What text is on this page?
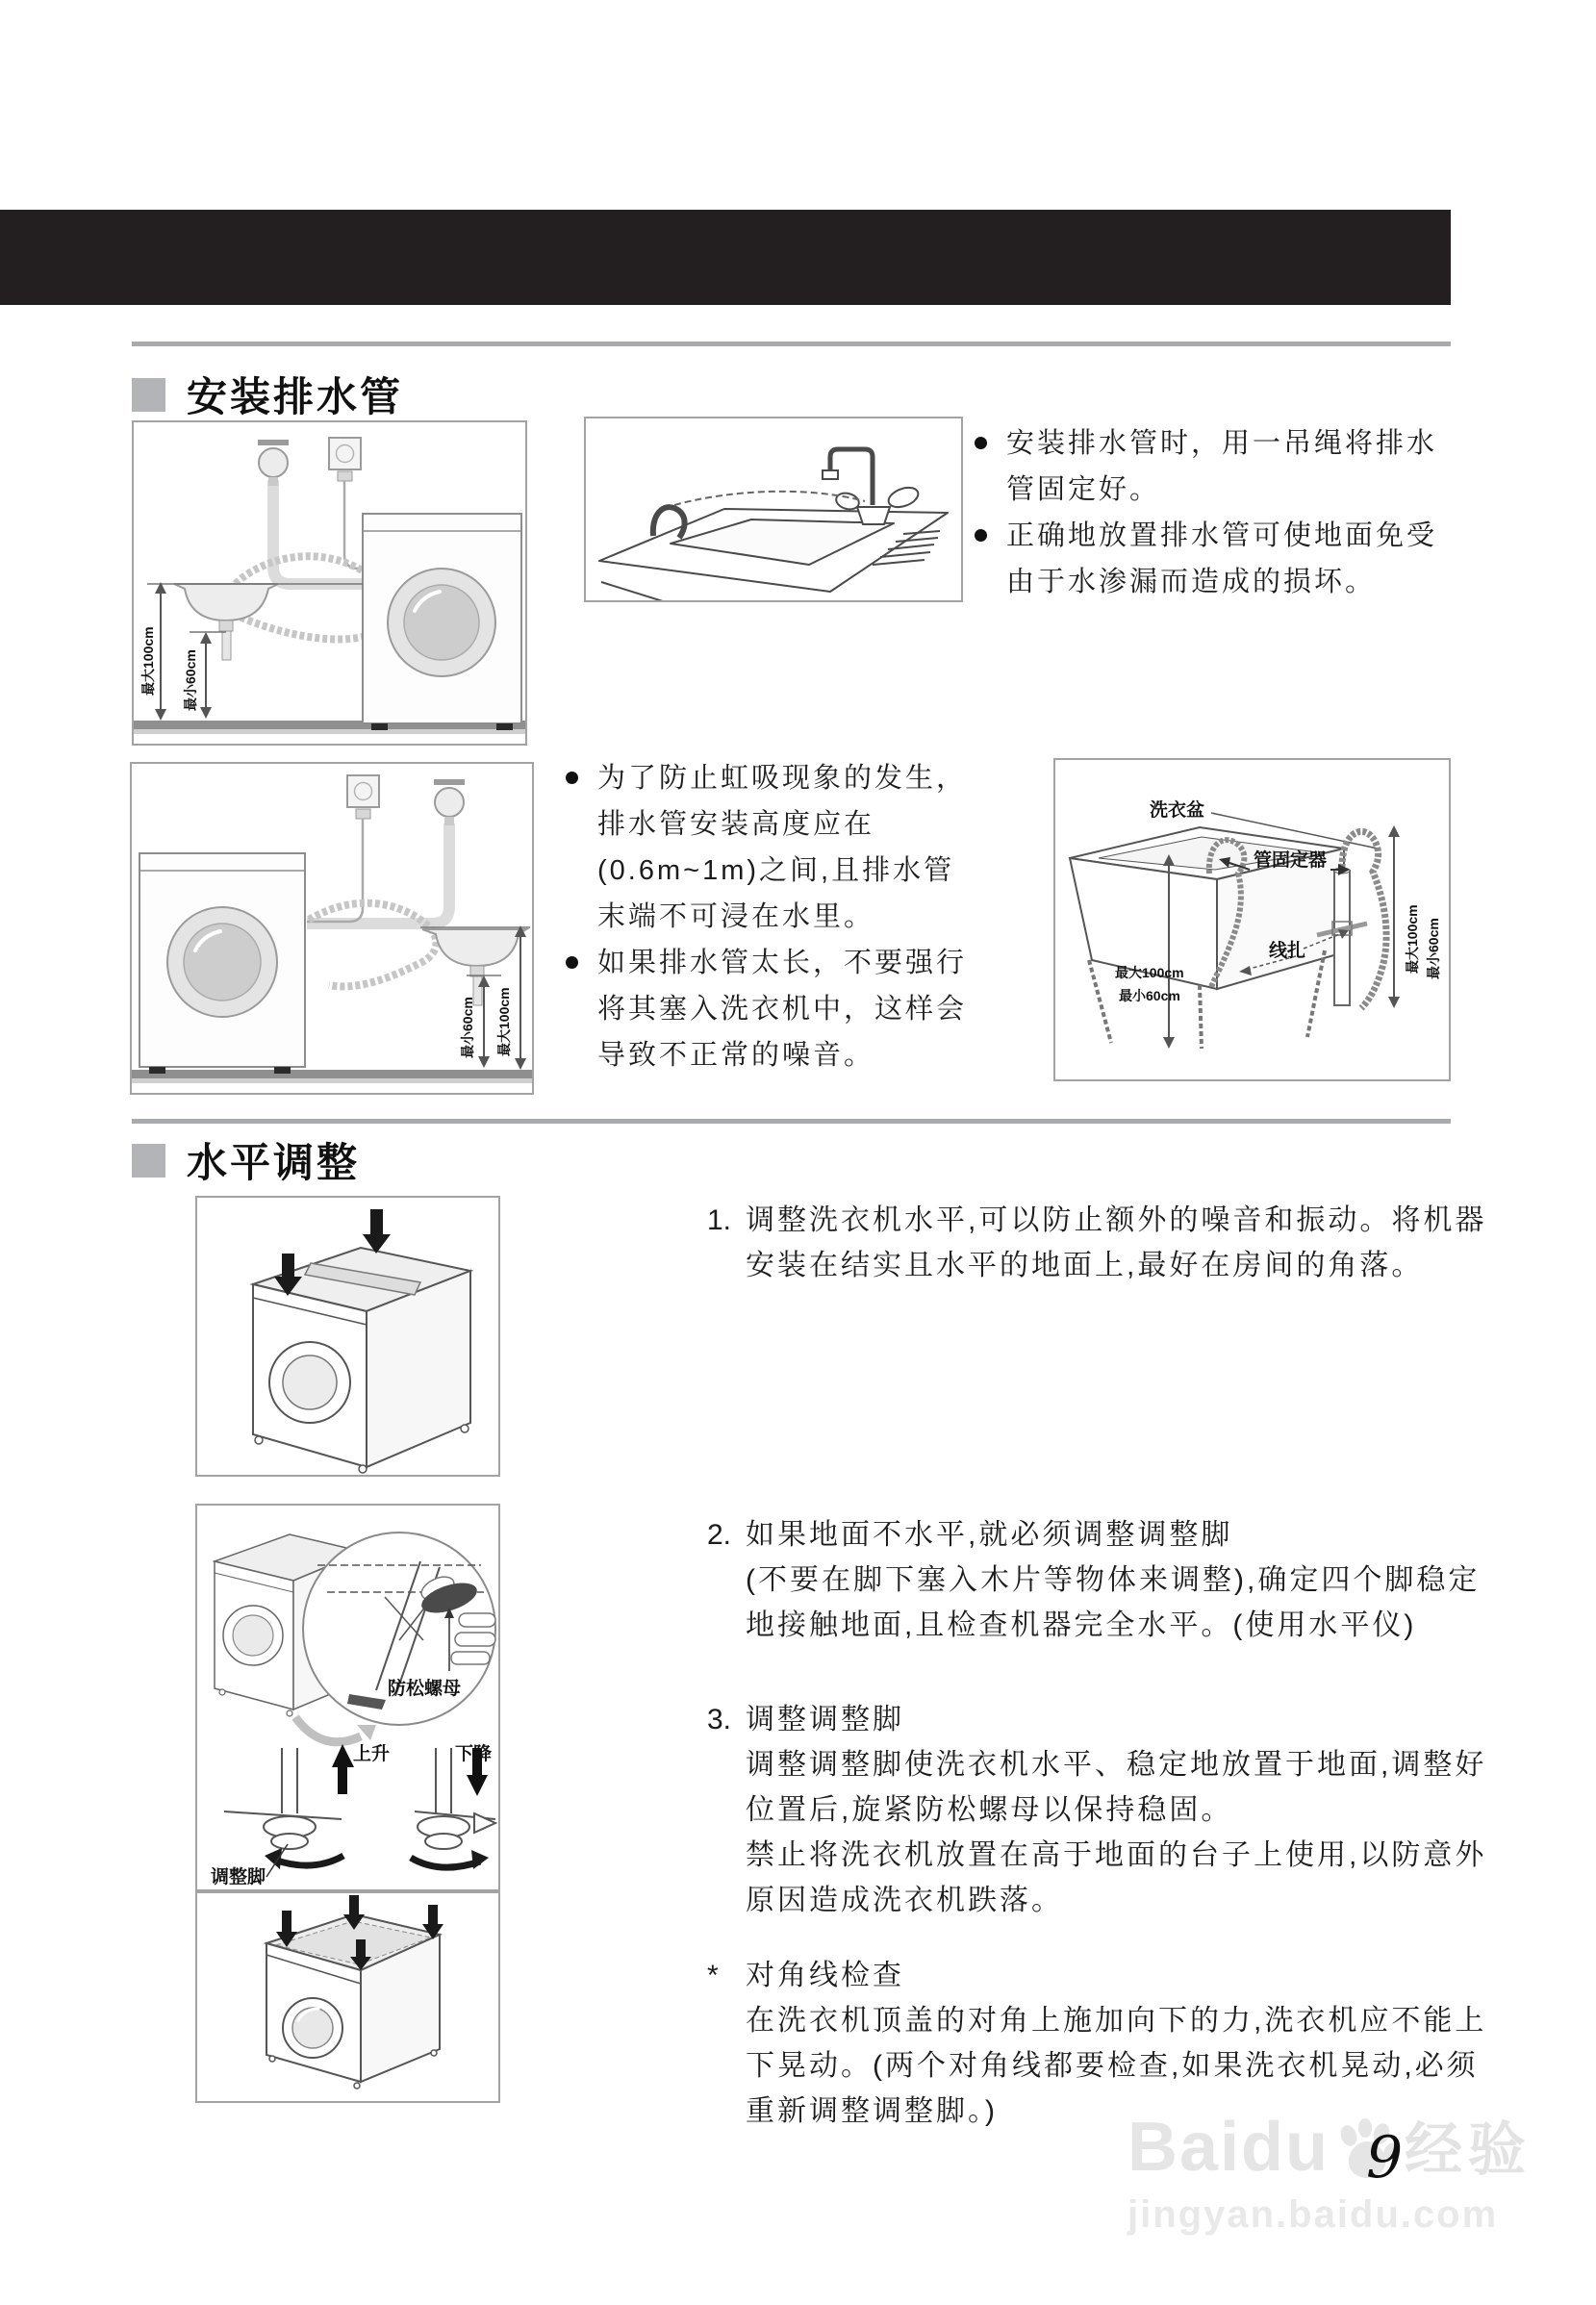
安装排水管
最大100cm 最小60cm
安装排水管时，用一吊绳将排水管固定好。
正确地放置排水管可使地面免受由于水渗漏而造成的损坏。
为了防止虹吸现象的发生，排水管安装高度应在(0.6m~1m)之间,且排水管末端不可浸在水里。
如果排水管太长，不要强行将其塞入洗衣机中，这样会导致不正常的噪音。
最小60cm 最大100cm
洗衣盆
管固定器
线扎
最大100cm
最小60cm
最大100cm 最小60cm
水平调整
防松螺母
上升	下降
调整脚
1. 调整洗衣机水平,可以防止额外的噪音和振动。将机器安装在结实且水平的地面上,最好在房间的角落。
2. 如果地面不水平,就必须调整调整脚
(不要在脚下塞入木片等物体来调整),确定四个脚稳定地接触地面,且检查机器完全水平。(使用水平仪)
3. 调整调整脚
调整调整脚使洗衣机水平、稳定地放置于地面,调整好位置后,旋紧防松螺母以保持稳固。
禁止将洗衣机放置在高于地面的台子上使用,以防意外原因造成洗衣机跌落。
* 对角线检查
在洗衣机顶盖的对角上施加向下的力,洗衣机应不能上下晃动。(两个对角线都要检查,如果洗衣机晃动,必须重新调整调整脚。)	Baidu 经验
jingyan.baidu.com
9
